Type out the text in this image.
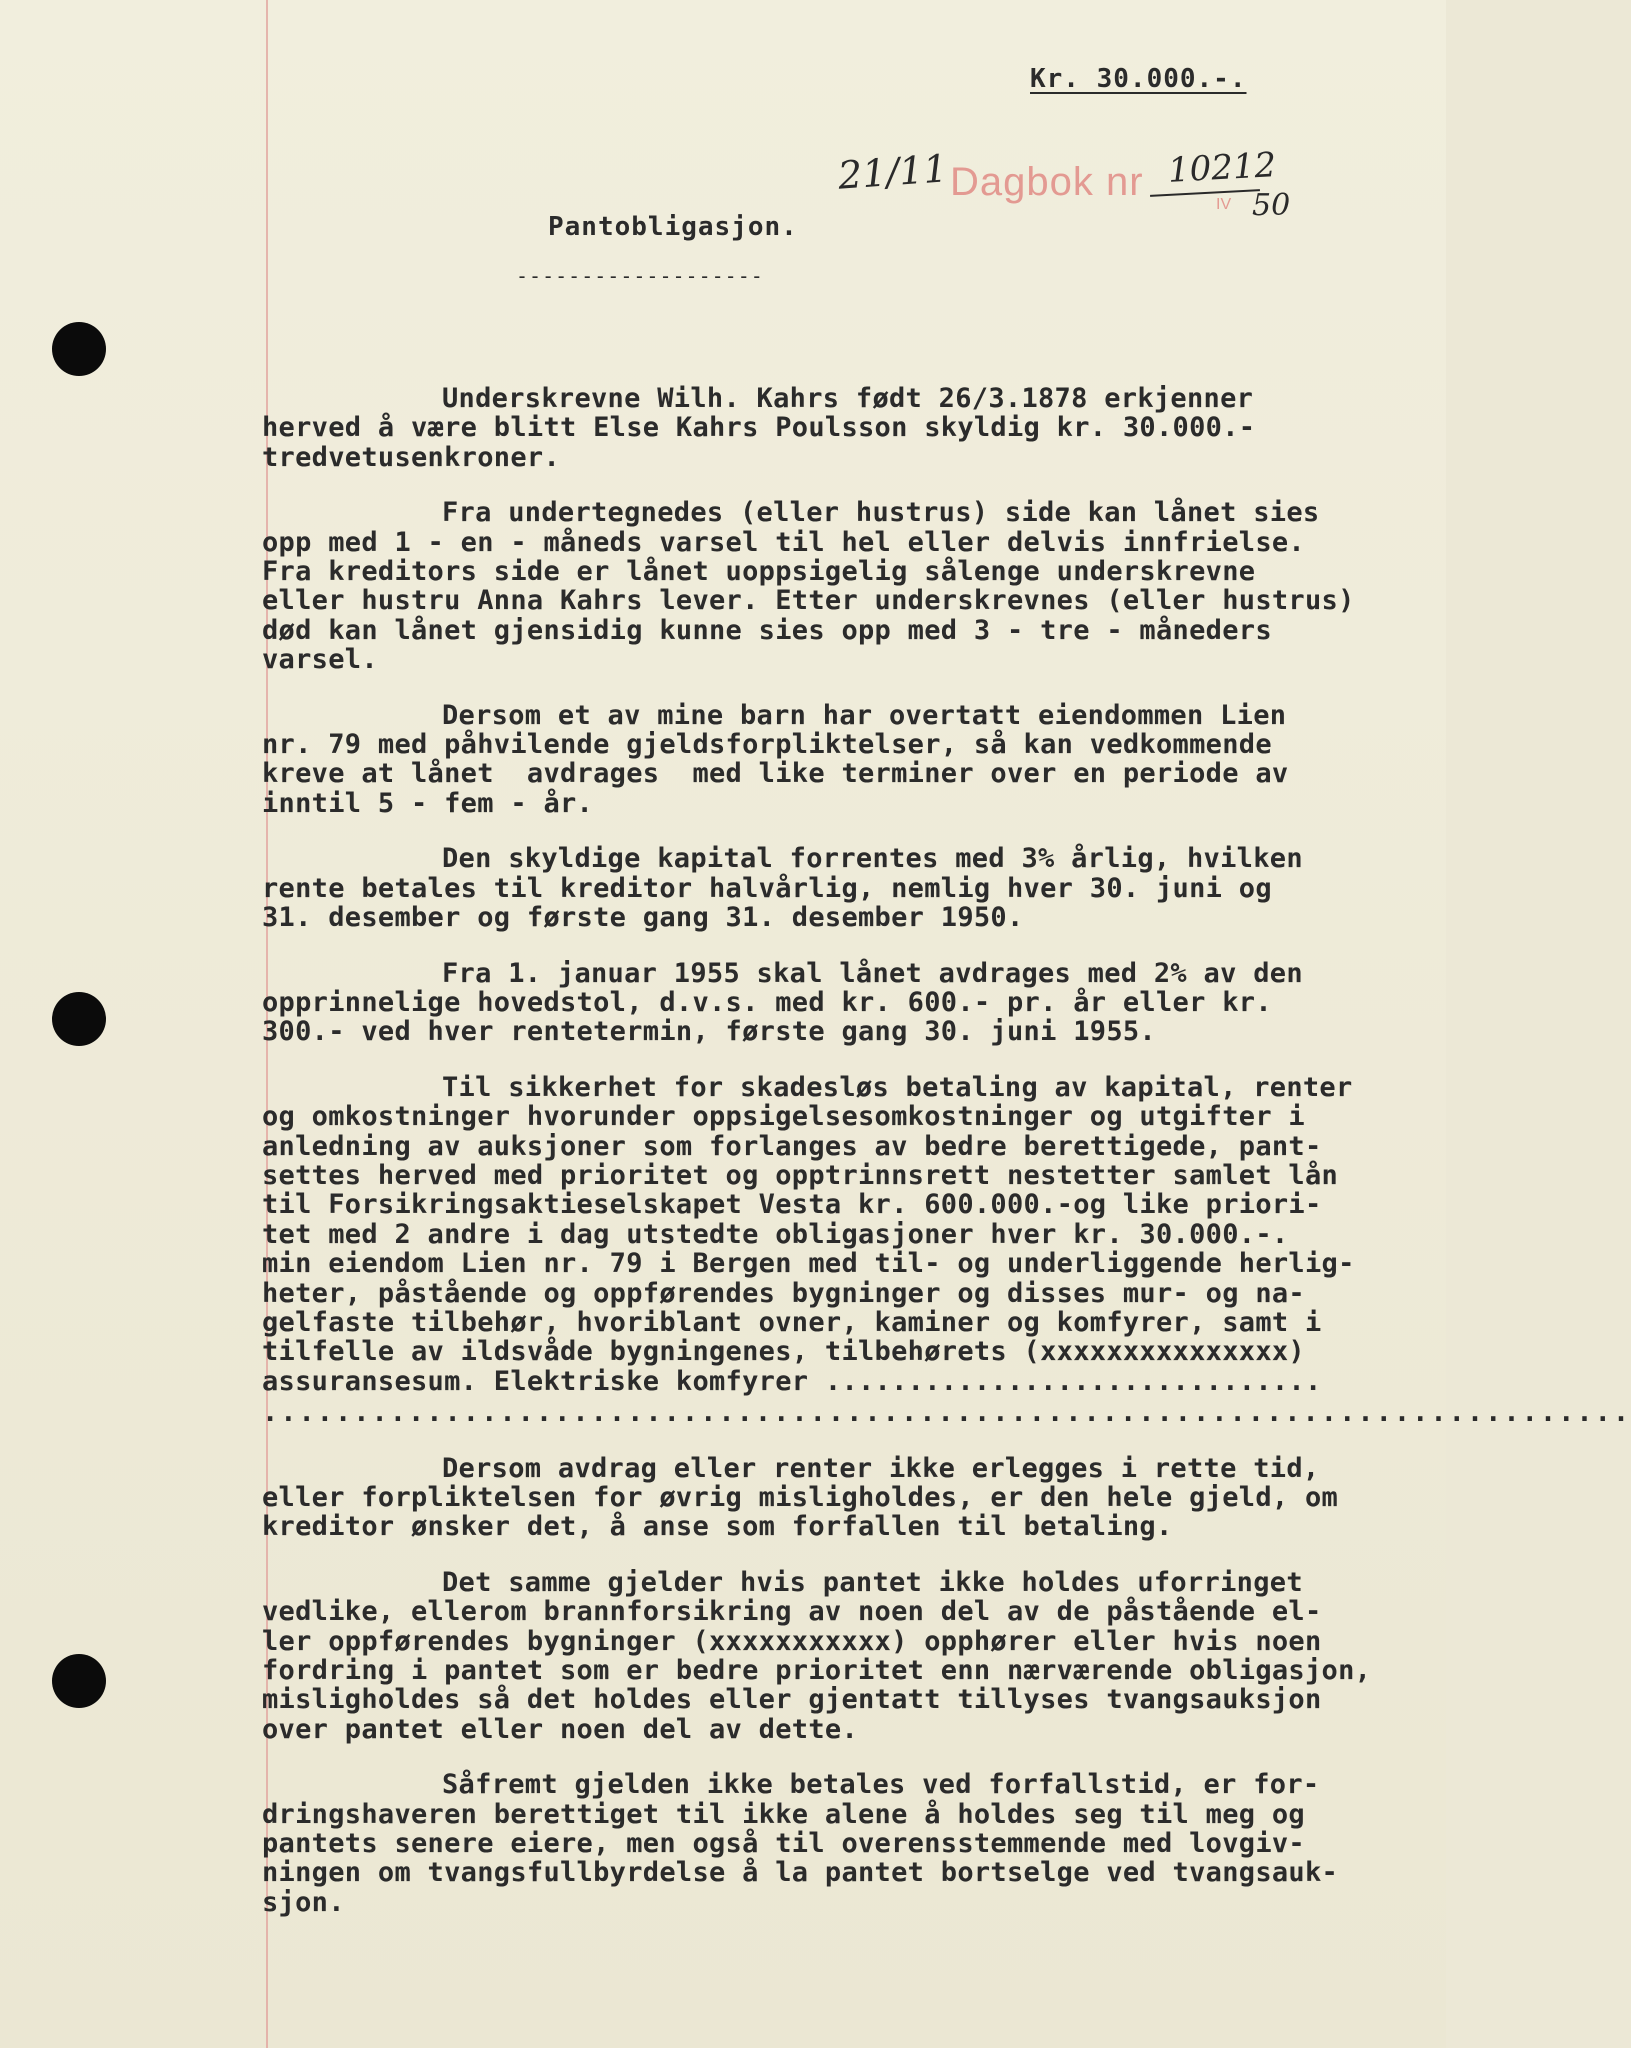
Kr. 30.000.-.
21/11 Dagbok nr 10212
IV 50
Pantobligasjon.
-------------------
Underskrevne Wilh. Kahrs født 26/3.1878 erkjenner
herved å være blitt Else Kahrs Poulsson skyldig kr. 30.000.-
tredvetusenkroner.
Fra undertegnedes (eller hustrus) side kan lånet sies
opp med 1 - en - måneds varsel til hel eller delvis innfrielse.
Fra kreditors side er lånet uoppsigelig sålenge underskrevne
eller hustru Anna Kahrs lever. Etter underskrevnes (eller hustrus)
død kan lånet gjensidig kunne sies opp med 3 - tre - måneders
varsel.
Dersom et av mine barn har overtatt eiendommen Lien
nr. 79 med påhvilende gjeldsforpliktelser, så kan vedkommende
kreve at lånet  avdrages  med like terminer over en periode av
inntil 5 - fem - år.
Den skyldige kapital forrentes med 3% årlig, hvilken
rente betales til kreditor halvårlig, nemlig hver 30. juni og
31. desember og første gang 31. desember 1950.
Fra 1. januar 1955 skal lånet avdrages med 2% av den
opprinnelige hovedstol, d.v.s. med kr. 600.- pr. år eller kr.
300.- ved hver rentetermin, første gang 30. juni 1955.
Til sikkerhet for skadesløs betaling av kapital, renter
og omkostninger hvorunder oppsigelsesomkostninger og utgifter i
anledning av auksjoner som forlanges av bedre berettigede, pant-
settes herved med prioritet og opptrinnsrett nestetter samlet lån
til Forsikringsaktieselskapet Vesta kr. 600.000.-og like priori-
tet med 2 andre i dag utstedte obligasjoner hver kr. 30.000.-.
min eiendom Lien nr. 79 i Bergen med til- og underliggende herlig-
heter, påstående og oppførendes bygninger og disses mur- og na-
gelfaste tilbehør, hvoriblant ovner, kaminer og komfyrer, samt i
tilfelle av ildsvåde bygningenes, tilbehørets (xxxxxxxxxxxxxxx)
assuransesum. Elektriske komfyrer ..............................
...........................................................................
Dersom avdrag eller renter ikke erlegges i rette tid,
eller forpliktelsen for øvrig misligholdes, er den hele gjeld, om
kreditor ønsker det, å anse som forfallen til betaling.
Det samme gjelder hvis pantet ikke holdes uforringet
vedlike, ellerom brannforsikring av noen del av de påstående el-
ler oppførendes bygninger (xxxxxxxxxxx) opphører eller hvis noen
fordring i pantet som er bedre prioritet enn nærværende obligasjon,
misligholdes så det holdes eller gjentatt tillyses tvangsauksjon
over pantet eller noen del av dette.
Såfremt gjelden ikke betales ved forfallstid, er for-
dringshaveren berettiget til ikke alene å holdes seg til meg og
pantets senere eiere, men også til overensstemmende med lovgiv-
ningen om tvangsfullbyrdelse å la pantet bortselge ved tvangsauk-
sjon.
